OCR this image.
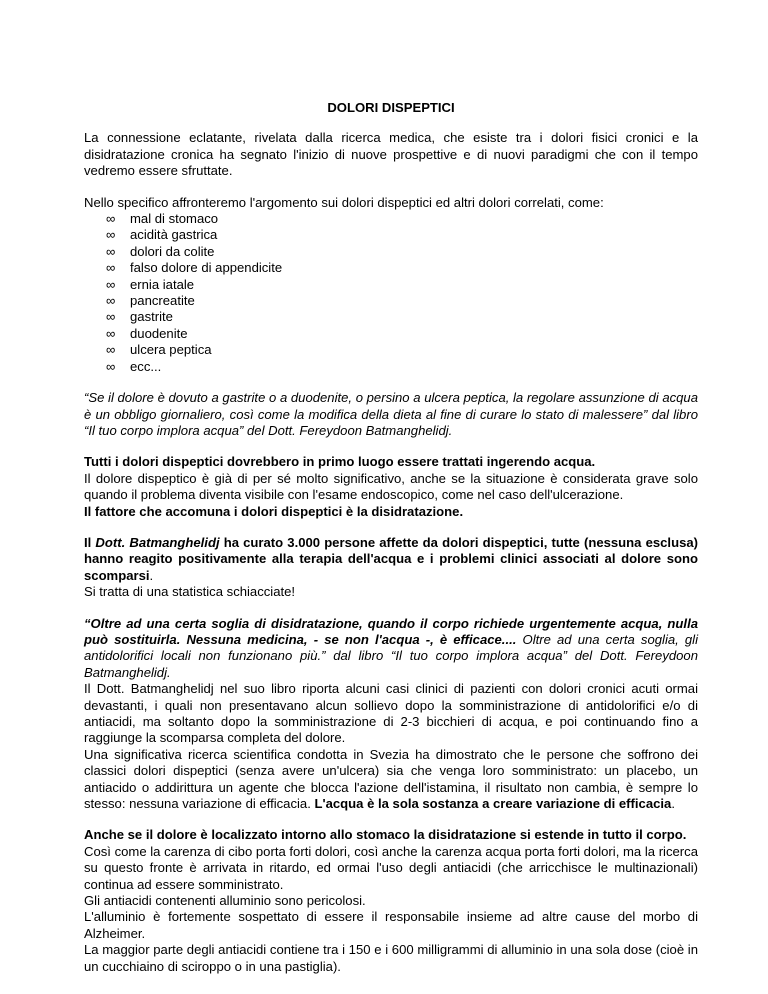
DOLORI DISPEPTICI

La connessione eclatante, rivelata dalla ricerca medica, che esiste tra i dolori fisici cronici e la disidratazione cronica ha segnato l'inizio di nuove prospettive e di nuovi paradigmi che con il tempo vedremo essere sfruttate.

Nello specifico affronteremo l'argomento sui dolori dispeptici ed altri dolori correlati, come:

∞	mal di stomaco
∞	acidità gastrica
∞	dolori da colite
∞	falso dolore di appendicite
∞	ernia iatale
∞	pancreatite
∞	gastrite
∞	duodenite
∞	ulcera peptica
∞	ecc...

“Se il dolore è dovuto a gastrite o a duodenite, o persino a ulcera peptica, la regolare assunzione di acqua è un obbligo giornaliero, così come la modifica della dieta al fine di curare lo stato di malessere” dal libro “Il tuo corpo implora acqua” del Dott. Fereydoon Batmanghelidj.

Tutti i dolori dispeptici dovrebbero in primo luogo essere trattati ingerendo acqua.

Il dolore dispeptico è già di per sé molto significativo, anche se la situazione è considerata grave solo quando il problema diventa visibile con l'esame endoscopico, come nel caso dell'ulcerazione.

Il fattore che accomuna i dolori dispeptici è la disidratazione.

Il Dott. Batmanghelidj ha curato 3.000 persone affette da dolori dispeptici, tutte (nessuna esclusa) hanno reagito positivamente alla terapia dell'acqua e i problemi clinici associati al dolore sono scomparsi.

Si tratta di una statistica schiacciate!

“Oltre ad una certa soglia di disidratazione, quando il corpo richiede urgentemente acqua, nulla può sostituirla. Nessuna medicina, - se non l'acqua -, è efficace.... Oltre ad una certa soglia, gli antidolorifici locali non funzionano più.” dal libro “Il tuo corpo implora acqua” del Dott. Fereydoon Batmanghelidj.

Il Dott. Batmanghelidj nel suo libro riporta alcuni casi clinici di pazienti con dolori cronici acuti ormai devastanti, i quali non presentavano alcun sollievo dopo la somministrazione di antidolorifici e/o di antiacidi, ma soltanto dopo la somministrazione di 2-3 bicchieri di acqua, e poi continuando fino a raggiunge la scomparsa completa del dolore.

Una significativa ricerca scientifica condotta in Svezia ha dimostrato che le persone che soffrono dei classici dolori dispeptici (senza avere un'ulcera) sia che venga loro somministrato: un placebo, un antiacido o addirittura un agente che blocca l'azione dell'istamina, il risultato non cambia, è sempre lo stesso: nessuna variazione di efficacia. L'acqua è la sola sostanza a creare variazione di efficacia.

Anche se il dolore è localizzato intorno allo stomaco la disidratazione si estende in tutto il corpo.

Così come la carenza di cibo porta forti dolori, così anche la carenza acqua porta forti dolori, ma la ricerca su questo fronte è arrivata in ritardo, ed ormai l'uso degli antiacidi (che arricchisce le multinazionali) continua ad essere somministrato.

Gli antiacidi contenenti alluminio sono pericolosi.

L'alluminio è fortemente sospettato di essere il responsabile insieme ad altre cause del morbo di Alzheimer.

La maggior parte degli antiacidi contiene tra i 150 e i 600 milligrammi di alluminio in una sola dose (cioè in un cucchiaino di sciroppo o in una pastiglia).
